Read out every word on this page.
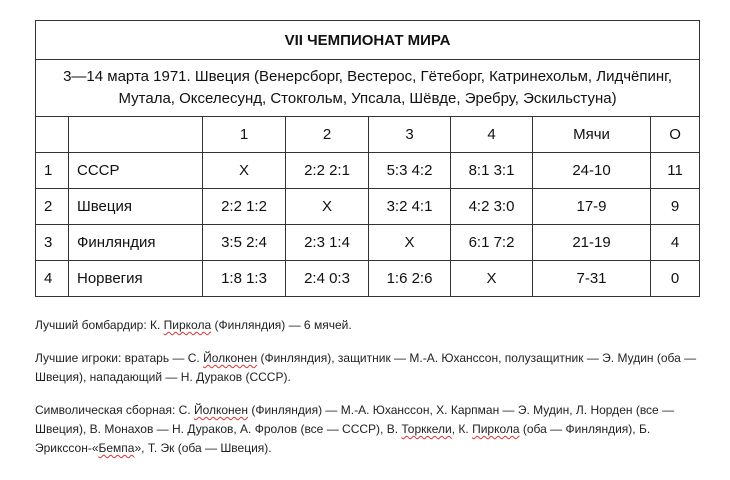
VII ЧЕМПИОНАТ МИРА							
3—14 марта 1971. Швеция (Венерсборг, Вестерос, Гётеборг, Катринехольм, Лидчёпинг, Мутала, Окселесунд, Стокгольм, Упсала, Шёвде, Эребру, Эскильстуна)							
		1	2	3	4	Мячи	О
1	СССР	Х	2:2 2:1	5:3 4:2	8:1 3:1	24-10	11
2	Швеция	2:2 1:2	Х	3:2 4:1	4:2 3:0	17-9	9
3	Финляндия	3:5 2:4	2:3 1:4	Х	6:1 7:2	21-19	4
4	Норвегия	1:8 1:3	2:4 0:3	1:6 2:6	Х	7-31	0

Лучший бомбардир: К. Пиркола (Финляндия) — 6 мячей.

Лучшие игроки: вратарь — С. Йолконен (Финляндия), защитник — М.-А. Юханссон, полузащитник — Э. Мудин (оба — Швеция), нападающий — Н. Дураков (СССР).

Символическая сборная: С. Йолконен (Финляндия) — М.-А. Юханссон, Х. Карпман — Э. Мудин, Л. Норден (все — Швеция), В. Монахов — Н. Дураков, А. Фролов (все — СССР), В. Торккели, К. Пиркола (оба — Финляндия), Б. Эрикссон-«Бемпа», Т. Эк (оба — Швеция).
